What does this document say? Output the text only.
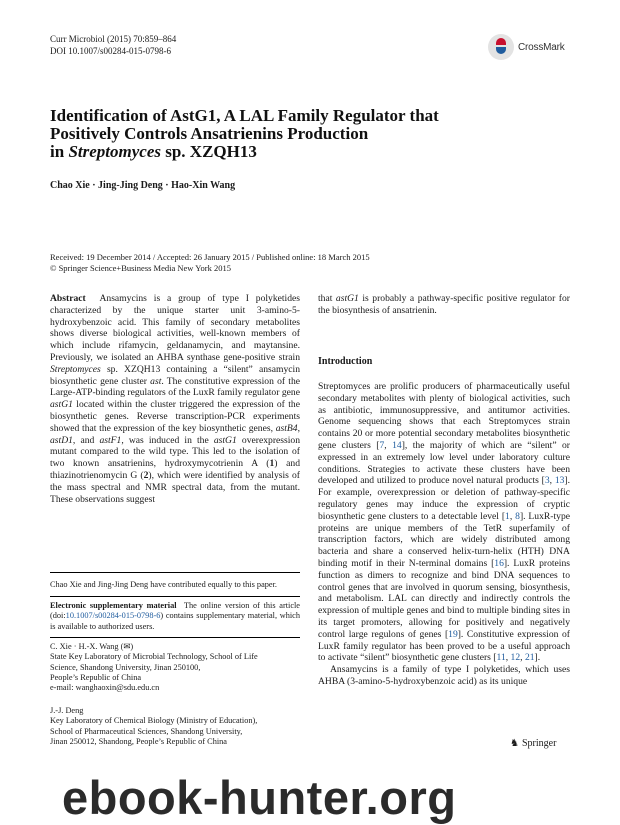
Curr Microbiol (2015) 70:859–864
DOI 10.1007/s00284-015-0798-6	CrossMark
Identification of AstG1, A LAL Family Regulator that
Positively Controls Ansatrienins Production
in Streptomyces sp. XZQH13
Chao Xie · Jing-Jing Deng · Hao-Xin Wang
Received: 19 December 2014 / Accepted: 26 January 2015 / Published online: 18 March 2015
© Springer Science+Business Media New York 2015

Abstract Ansamycins is a group of type I polyketides characterized by the unique starter unit 3-amino-5-hydroxybenzoic acid. This family of secondary metabolites shows diverse biological activities, well-known members of which include rifamycin, geldanamycin, and maytansine. Previously, we isolated an AHBA synthase gene-positive strain Streptomyces sp. XZQH13 containing a “silent” ansamycin biosynthetic gene cluster ast. The constitutive expression of the Large-ATP-binding regulators of the LuxR family regulator gene astG1 located within the cluster triggered the expression of the biosynthetic genes. Reverse transcription-PCR experiments showed that the expression of the key biosynthetic genes, astB4, astD1, and astF1, was induced in the astG1 overexpression mutant compared to the wild type. This led to the isolation of two known ansatrienins, hydroxymycotrienin A (1) and thiazinotrienomycin G (2), which were identified by analysis of the mass spectral and NMR spectral data, from the mutant. These observations suggest

Chao Xie and Jing-Jing Deng have contributed equally to this paper.

Electronic supplementary material The online version of this article (doi:10.1007/s00284-015-0798-6) contains supplementary material, which is available to authorized users.

C. Xie · H.-X. Wang (✉)

State Key Laboratory of Microbial Technology, School of Life

Science, Shandong University, Jinan 250100,

People’s Republic of China

e-mail: wanghaoxin@sdu.edu.cn

J.-J. Deng

Key Laboratory of Chemical Biology (Ministry of Education),

School of Pharmaceutical Sciences, Shandong University,

Jinan 250012, Shandong, People’s Republic of China

that astG1 is probably a pathway-specific positive regulator for the biosynthesis of ansatrienin.

Introduction

Streptomyces are prolific producers of pharmaceutically useful secondary metabolites with plenty of biological activities, such as antibiotic, immunosuppressive, and antitumor activities. Genome sequencing shows that each Streptomyces strain contains 20 or more potential secondary metabolites biosynthetic gene clusters [7, 14], the majority of which are “silent” or expressed in an extremely low level under laboratory culture conditions. Strategies to activate these clusters have been developed and utilized to produce novel natural products [3, 13]. For example, overexpression or deletion of pathway-specific regulatory genes may induce the expression of cryptic biosynthetic gene clusters to a detectable level [1, 8]. LuxR-type proteins are unique members of the TetR superfamily of transcription factors, which are widely distributed among bacteria and share a conserved helix-turn-helix (HTH) DNA binding motif in their N-terminal domains [16]. LuxR proteins function as dimers to recognize and bind DNA sequences to control genes that are involved in quorum sensing, biosynthesis, and metabolism. LAL can directly and indirectly controls the expression of multiple genes and bind to multiple binding sites in its target promoters, allowing for positively and negatively control large regulons of genes [19]. Constitutive expression of LuxR family regulator has been proved to be a useful approach to activate “silent” biosynthetic gene clusters [11, 12, 21].

Ansamycins is a family of type I polyketides, which uses AHBA (3-amino-5-hydroxybenzoic acid) as its unique

♞ Springer
ebook-hunter.org
